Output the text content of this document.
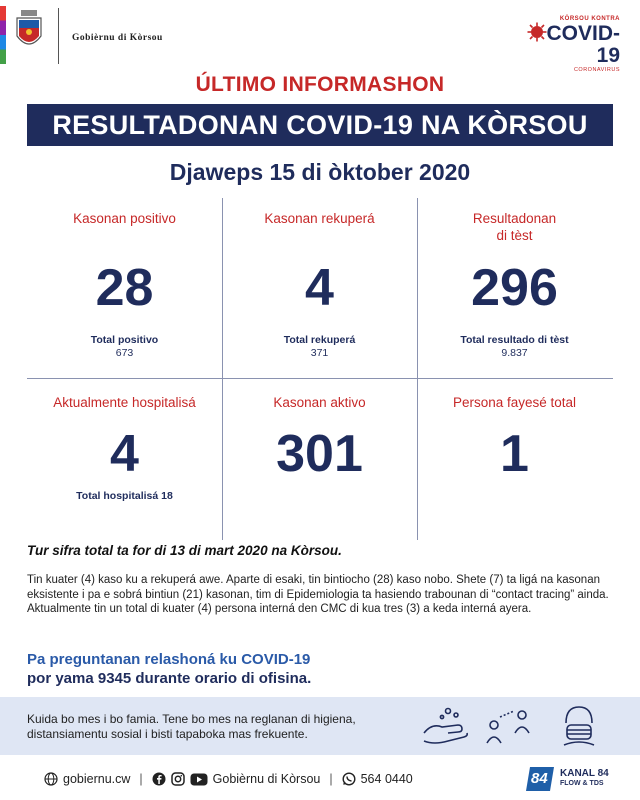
Gobièrnu di Kòrsou
KÒRSOU KONTRA
COVID-19
CORONAVIRUS
ÚLTIMO INFORMASHON
RESULTADONAN COVID-19 NA KÒRSOU
Djaweps 15 di òktober 2020
Kasonan positivo

28
Total positivo
673
Kasonan rekuperá

4
Total rekuperá
371
Resultadonan
di tèst
296
Total resultado di tèst
9.837
Aktualmente hospitalisá
4
Total hospitalisá 18
Kasonan aktivo
301
Persona fayesé total
1
Tur sifra total ta for di 13 di mart 2020 na Kòrsou.
Tin kuater (4) kaso ku a rekuperá awe. Aparte di esaki, tin bintiocho (28) kaso nobo. Shete (7) ta ligá na kasonan eksistente i pa e sobrá bintiun (21) kasonan, tim di Epidemiologia ta hasiendo trabounan di “contact tracing” ainda. Aktualmente tin un total di kuater (4) persona interná den CMC di kua tres (3) a keda interná ayera.
Pa preguntanan relashoná ku COVID-19
por yama 9345 durante orario di ofisina.
Kuida bo mes i bo famia. Tene bo mes na reglanan di higiena, distansiamentu sosial i bisti tapaboka mas frekuente.
gobiernu.cw |	Gobièrnu di Kòrsou | 564 0440	84 KANAL 84
FLOW & TDS
